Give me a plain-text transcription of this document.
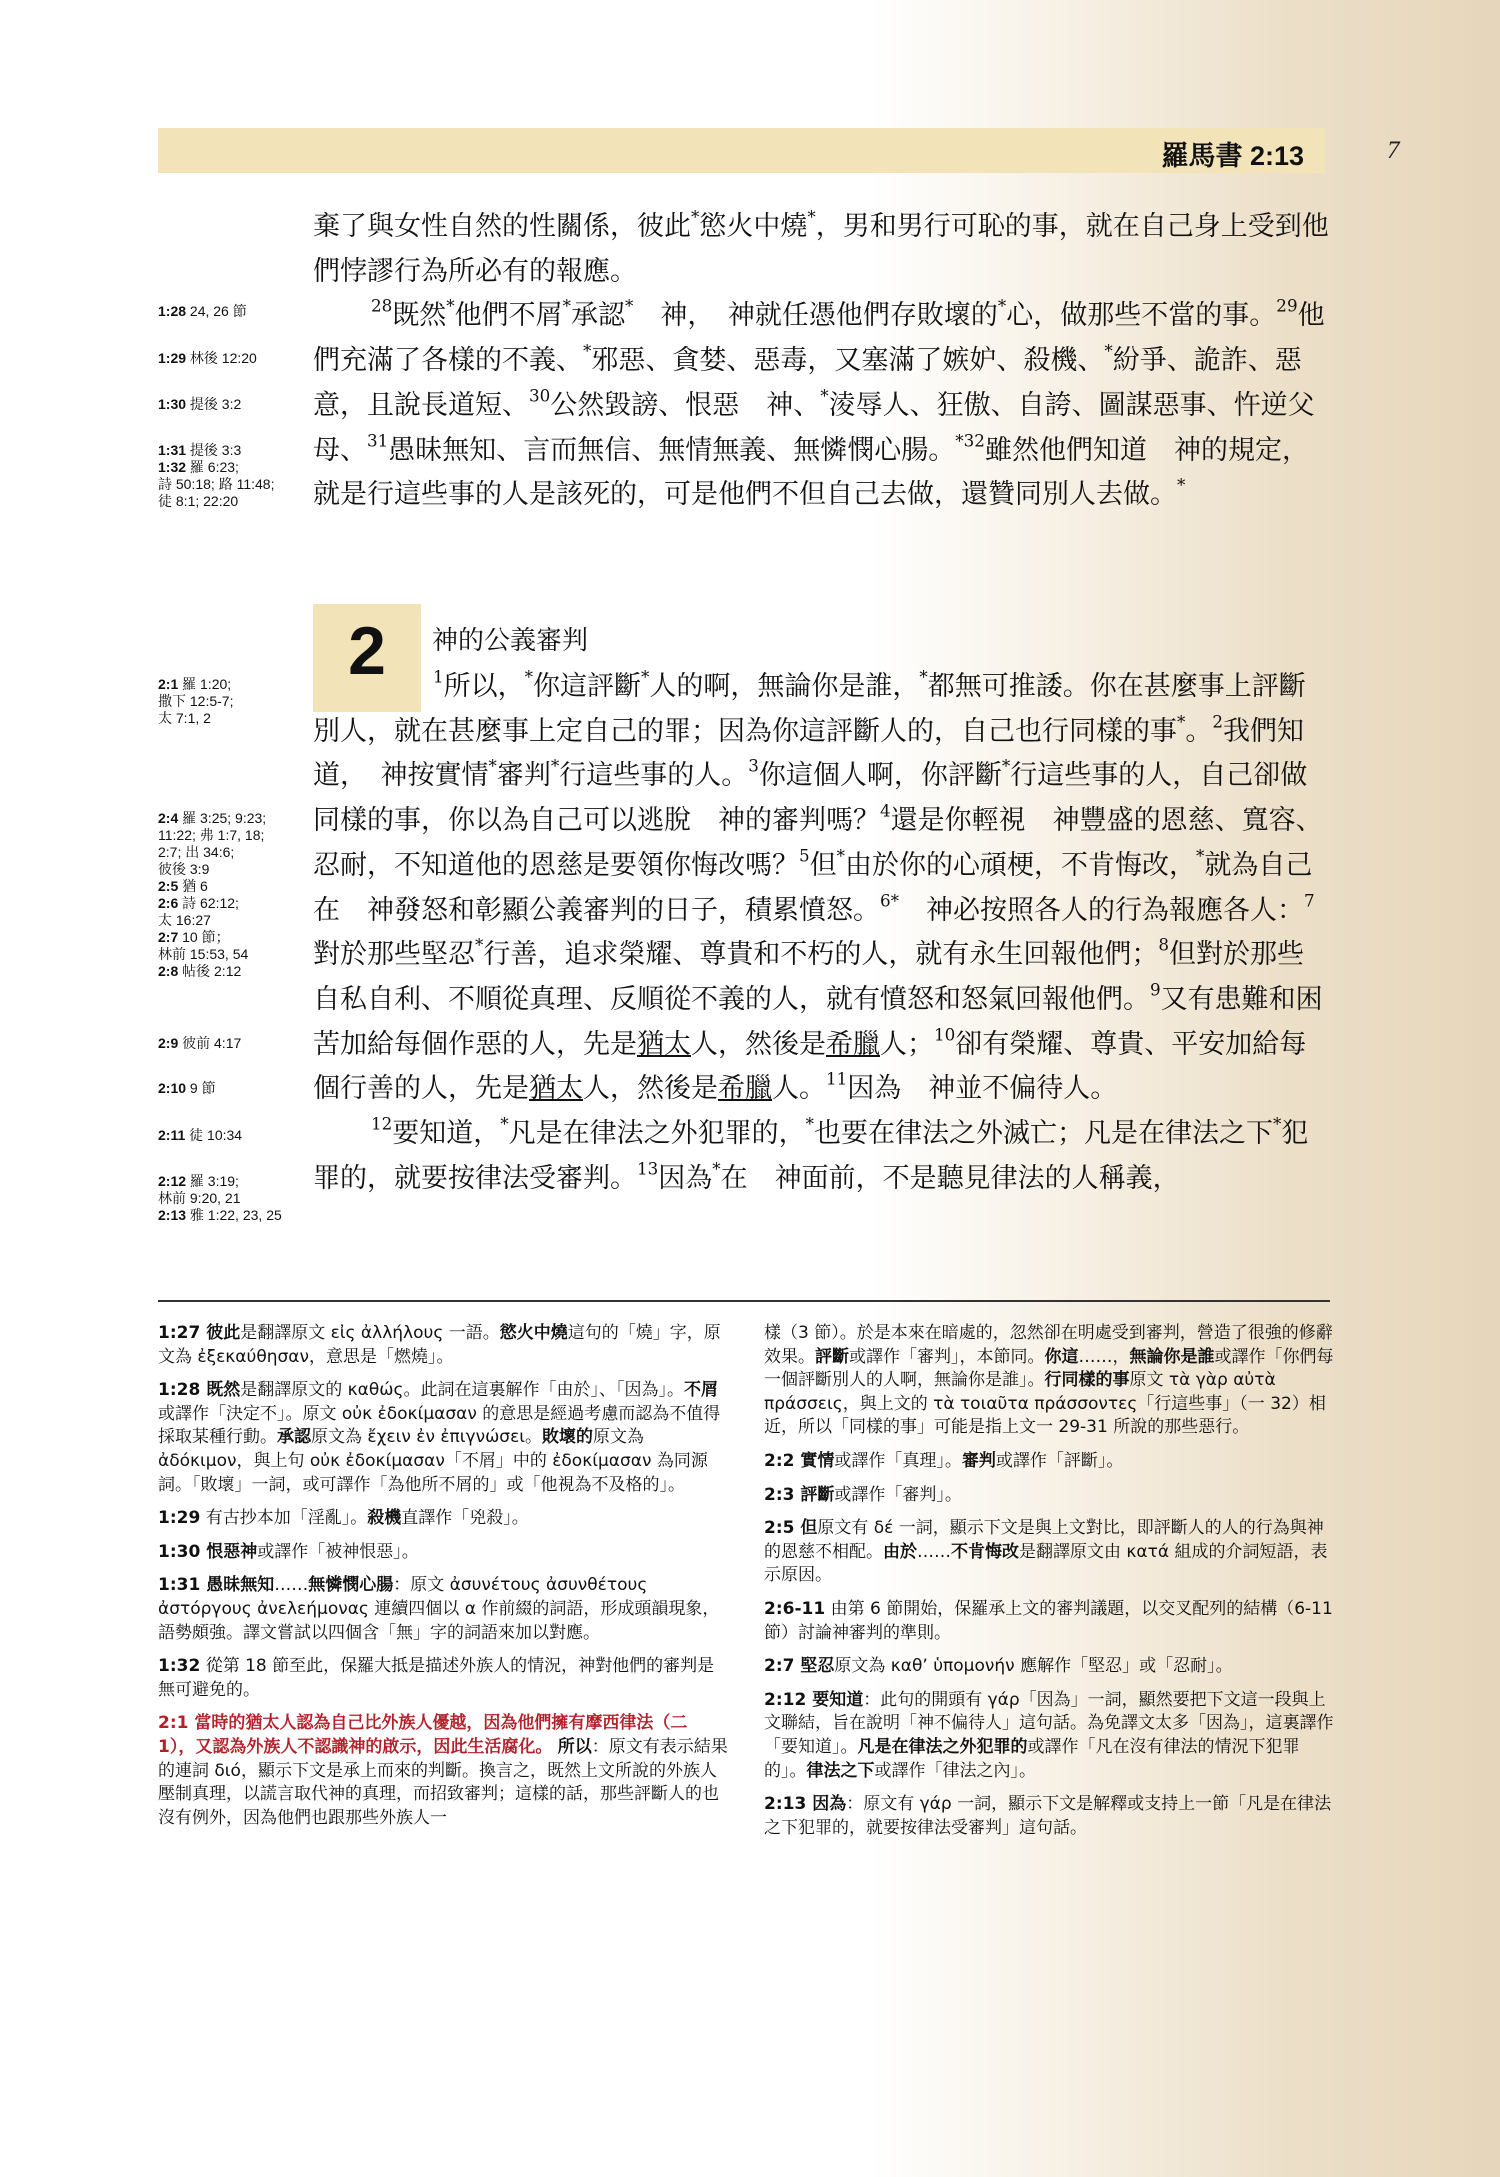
羅馬書 2:13	7

棄了與女性自然的性關係，彼此*慾火中燒*，男和男行可恥的事，就在自己身上受到他們悖謬行為所必有的報應。

$^{28}$既然*他們不屑*承認*　神，　神就任憑他們存敗壞的*心，做那些不當的事。$^{29}$他們充滿了各樣的不義、*邪惡、貪婪、惡毒，又塞滿了嫉妒、殺機、*紛爭、詭詐、惡意，且說長道短、$^{30}$公然毀謗、恨惡　神、*淩辱人、狂傲、自誇、圖謀惡事、忤逆父母、$^{31}$愚昧無知、言而無信、無情無義、無憐憫心腸。$^{*32}$雖然他們知道　神的規定，就是行這些事的人是該死的，可是他們不但自己去做，還贊同別人去做。*

2	神的公義審判

$^1$所以，*你這評斷*人的啊，無論你是誰，*都無可推諉。你在甚麼事上評斷別人，就在甚麼事上定自己的罪；因為你這評斷人的，自己也行同樣的事*。$^2$我們知道，　神按實情*審判*行這些事的人。$^3$你這個人啊，你評斷*行這些事的人，自己卻做同樣的事，你以為自己可以逃脫　神的審判嗎？$^4$還是你輕視　神豐盛的恩慈、寬容、忍耐，不知道他的恩慈是要領你悔改嗎？$^5$但*由於你的心頑梗，不肯悔改，*就為自己在　神發怒和彰顯公義審判的日子，積累憤怒。$^{6*}$　神必按照各人的行為報應各人：$^7$對於那些堅忍*行善，追求榮耀、尊貴和不朽的人，就有永生回報他們；$^8$但對於那些自私自利、不順從真理、反順從不義的人，就有憤怒和怒氣回報他們。$^9$又有患難和困苦加給每個作惡的人，先是猶太人，然後是希臘人；$^{10}$卻有榮耀、尊貴、平安加給每個行善的人，先是猶太人，然後是希臘人。$^{11}$因為　神並不偏待人。

$^{12}$要知道，*凡是在律法之外犯罪的，*也要在律法之外滅亡；凡是在律法之下*犯罪的，就要按律法受審判。$^{13}$因為*在　神面前，不是聽見律法的人稱義，

1:28 24, 26 節
1:29 林後 12:20
1:30 提後 3:2
1:31 提後 3:3
1:32 羅 6:23;
詩 50:18; 路 11:48;
徒 8:1; 22:20
2:1 羅 1:20;
撒下 12:5-7;
太 7:1, 2
2:4 羅 3:25; 9:23;
11:22; 弗 1:7, 18;
2:7; 出 34:6;
彼後 3:9
2:5 猶 6
2:6 詩 62:12;
太 16:27
2:7 10 節；
林前 15:53, 54
2:8 帖後 2:12
2:9 彼前 4:17
2:10 9 節
2:11 徒 10:34
2:12 羅 3:19;
林前 9:20, 21
2:13 雅 1:22, 23, 25

1:27 彼此是翻譯原文 εἰς ἀλλήλους 一語。慾火中燒這句的「燒」字，原文為 ἐξεκαύθησαν，意思是「燃燒」。

1:28 既然是翻譯原文的 καθώς。此詞在這裏解作「由於」、「因為」。不屑或譯作「決定不」。原文 οὐκ ἐδοκίμασαν 的意思是經過考慮而認為不值得採取某種行動。承認原文為 ἔχειν ἐν ἐπιγνώσει。敗壞的原文為 ἀδόκιμον，與上句 οὐκ ἐδοκίμασαν「不屑」中的 ἐδοκίμασαν 為同源詞。「敗壞」一詞，或可譯作「為他所不屑的」或「他視為不及格的」。

1:29 有古抄本加「淫亂」。殺機直譯作「兇殺」。

1:30 恨惡神或譯作「被神恨惡」。

1:31 愚昧無知……無憐憫心腸：原文 ἀσυνέτους ἀσυνθέτους ἀστόργους ἀνελεήμονας 連續四個以 α 作前綴的詞語，形成頭韻現象，語勢頗強。譯文嘗試以四個含「無」字的詞語來加以對應。

1:32 從第 18 節至此，保羅大抵是描述外族人的情況，神對他們的審判是無可避免的。

2:1 當時的猶太人認為自己比外族人優越，因為他們擁有摩西律法（二 1），又認為外族人不認識神的啟示，因此生活腐化。 所以：原文有表示結果的連詞 διό，顯示下文是承上而來的判斷。換言之，既然上文所說的外族人壓制真理，以謊言取代神的真理，而招致審判；這樣的話，那些評斷人的也沒有例外，因為他們也跟那些外族人一

樣（3 節）。於是本來在暗處的，忽然卻在明處受到審判，營造了很強的修辭效果。評斷或譯作「審判」，本節同。你這……，無論你是誰或譯作「你們每一個評斷別人的人啊，無論你是誰」。行同樣的事原文 τὰ γὰρ αὐτὰ πράσσεις，與上文的 τὰ τοιαῦτα πράσσοντες「行這些事」（一 32）相近，所以「同樣的事」可能是指上文一 29-31 所說的那些惡行。

2:2 實情或譯作「真理」。審判或譯作「評斷」。

2:3 評斷或譯作「審判」。

2:5 但原文有 δέ 一詞，顯示下文是與上文對比，即評斷人的人的行為與神的恩慈不相配。由於……不肯悔改是翻譯原文由 κατά 組成的介詞短語，表示原因。

2:6-11 由第 6 節開始，保羅承上文的審判議題，以交叉配列的結構（6-11 節）討論神審判的準則。

2:7 堅忍原文為 καθʼ ὑπομονήν 應解作「堅忍」或「忍耐」。

2:12 要知道：此句的開頭有 γάρ「因為」一詞，顯然要把下文這一段與上文聯結，旨在說明「神不偏待人」這句話。為免譯文太多「因為」，這裏譯作「要知道」。凡是在律法之外犯罪的或譯作「凡在沒有律法的情況下犯罪的」。律法之下或譯作「律法之內」。

2:13 因為：原文有 γάρ 一詞，顯示下文是解釋或支持上一節「凡是在律法之下犯罪的，就要按律法受審判」這句話。
